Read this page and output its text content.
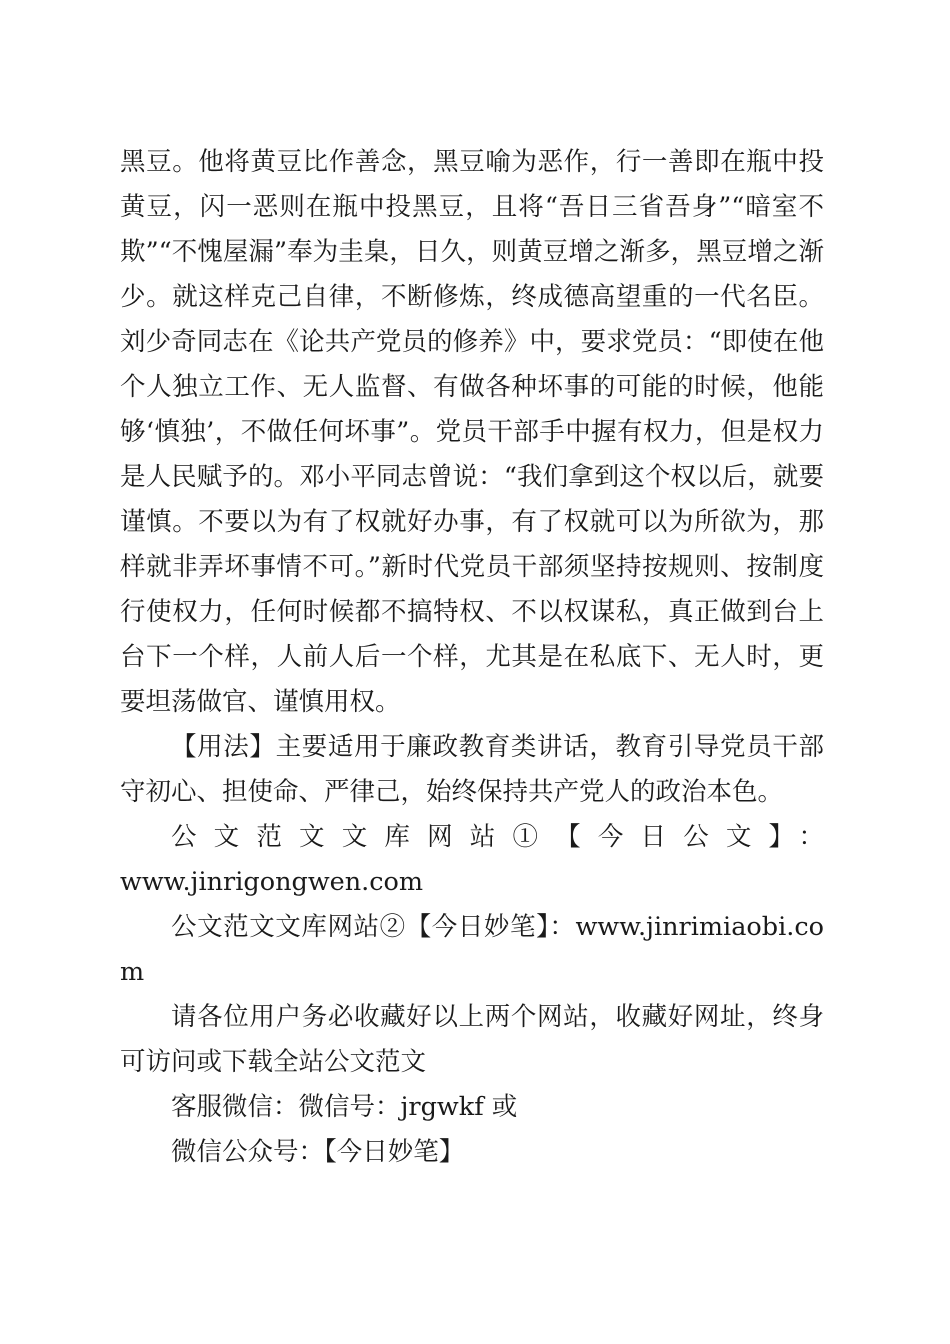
黑豆。他将黄豆比作善念，黑豆喻为恶作，行一善即在瓶中投黄豆，闪一恶则在瓶中投黑豆，且将“吾日三省吾身”“暗室不欺”“不愧屋漏”奉为圭臬，日久，则黄豆增之渐多，黑豆增之渐少。就这样克己自律，不断修炼，终成德高望重的一代名臣。刘少奇同志在《论共产党员的修养》中，要求党员：“即使在他个人独立工作、无人监督、有做各种坏事的可能的时候，他能够‘慎独’，不做任何坏事”。党员干部手中握有权力，但是权力是人民赋予的。邓小平同志曾说：“我们拿到这个权以后，就要谨慎。不要以为有了权就好办事，有了权就可以为所欲为，那样就非弄坏事情不可。”新时代党员干部须坚持按规则、按制度行使权力，任何时候都不搞特权、不以权谋私，真正做到台上台下一个样，人前人后一个样，尤其是在私底下、无人时，更要坦荡做官、谨慎用权。

【用法】主要适用于廉政教育类讲话，教育引导党员干部守初心、担使命、严律己，始终保持共产党人的政治本色。

公文范文文库网站①【今日公文】：

www.jinrigongwen.com

公文范文文库网站②【今日妙笔】：www.jinrimiaobi.com

请各位用户务必收藏好以上两个网站，收藏好网址，终身可访问或下载全站公文范文

客服微信：微信号：jrgwkf 或

微信公众号：【今日妙笔】
